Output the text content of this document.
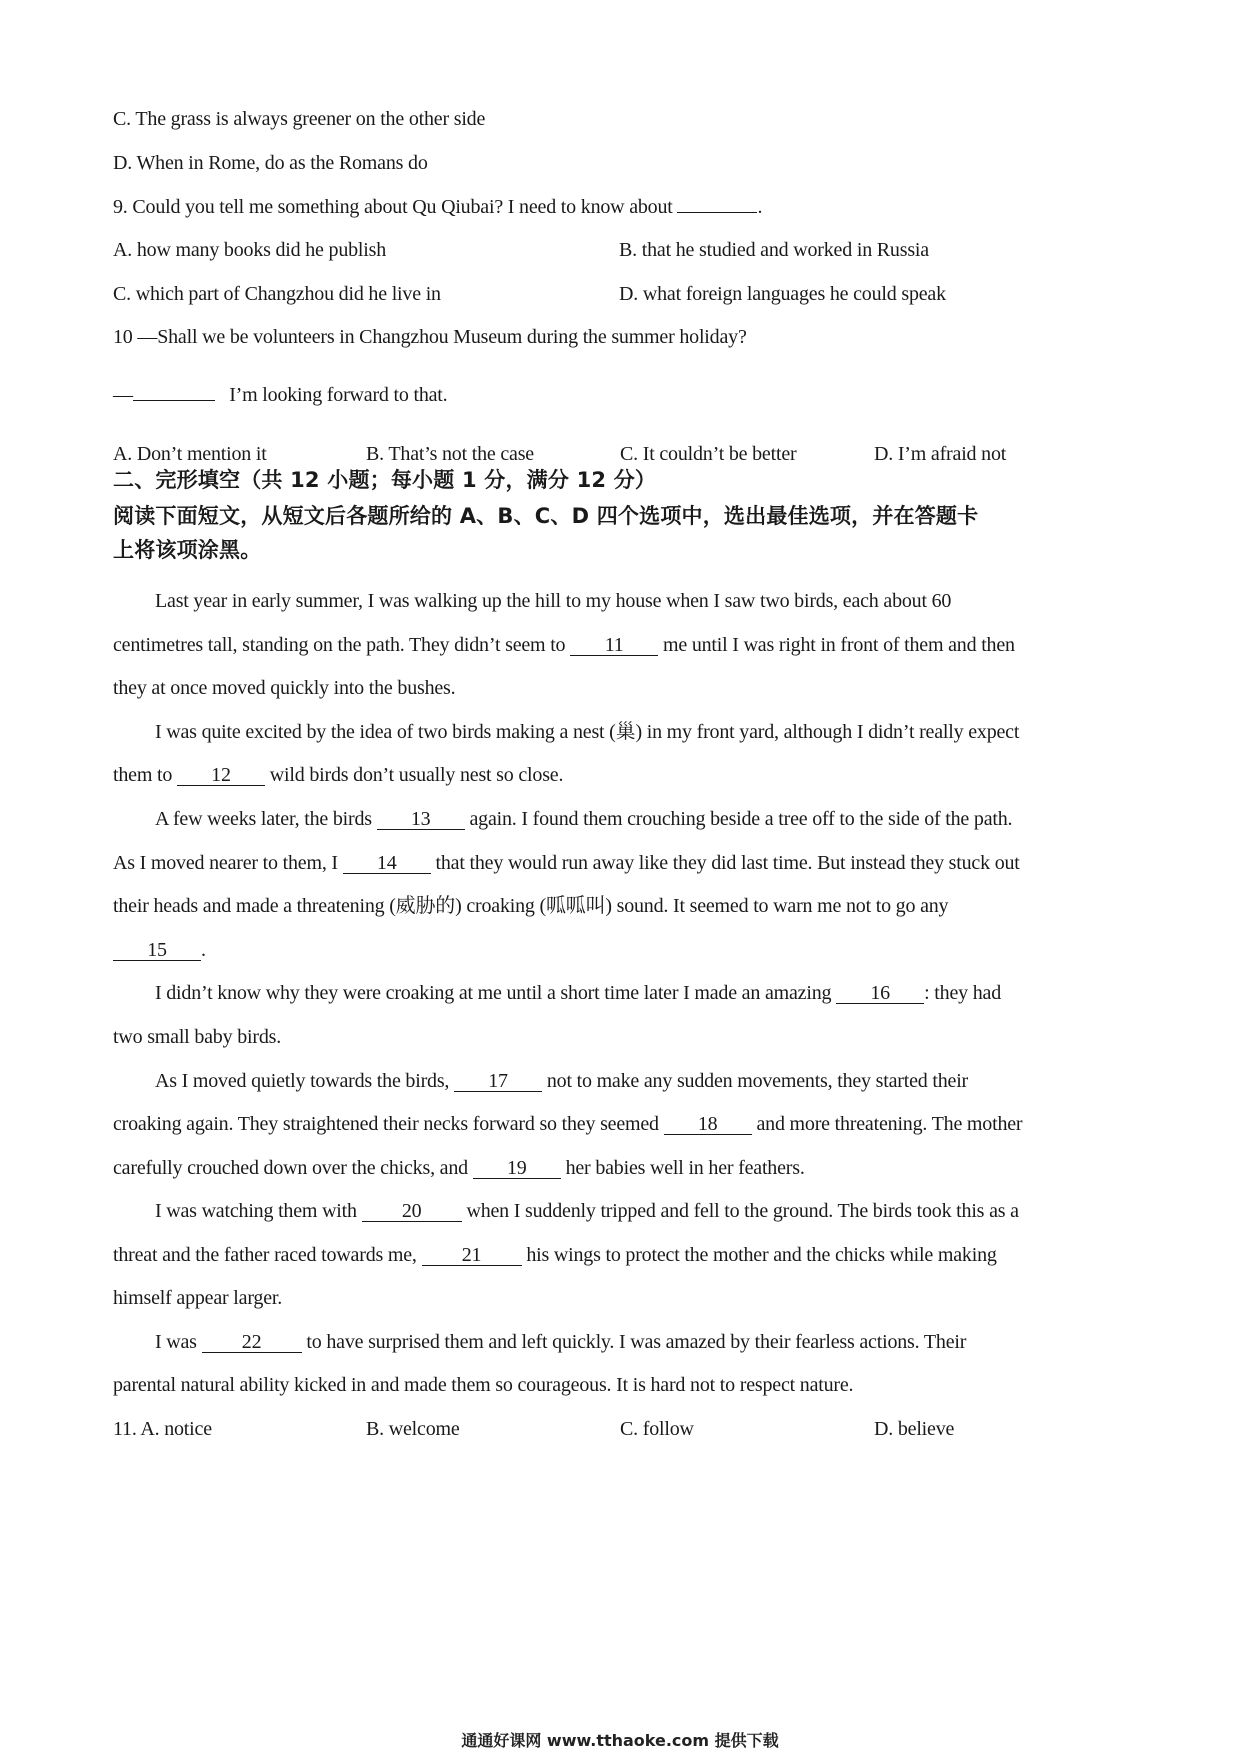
C. The grass is always greener on the other side
D. When in Rome, do as the Romans do
9. Could you tell me something about Qu Qiubai? I need to know about	.
A. how many books did he publish	B. that he studied and worked in Russia
C. which part of Changzhou did he live in	D. what foreign languages he could speak
10 —Shall we be volunteers in Changzhou Museum during the summer holiday?
—	I’m looking forward to that.
A. Don’t mention it	B. That’s not the case	C. It couldn’t be better	D. I’m afraid not
二、完形填空（共 12 小题；每小题 1 分，满分 12 分）
阅读下面短文，从短文后各题所给的 A、B、C、D 四个选项中，选出最佳选项，并在答题卡
上将该项涂黑。
Last year in early summer, I was walking up the hill to my house when I saw two birds, each about 60
centimetres tall, standing on the path. They didn’t seem to 11 me until I was right in front of them and then
they at once moved quickly into the bushes.
I was quite excited by the idea of two birds making a nest (巢) in my front yard, although I didn’t really expect
them to 12 wild birds don’t usually nest so close.
A few weeks later, the birds 13 again. I found them crouching beside a tree off to the side of the path.
As I moved nearer to them, I 14 that they would run away like they did last time. But instead they stuck out
their heads and made a threatening (威胁的) croaking (呱呱叫) sound. It seemed to warn me not to go any
15 .
I didn’t know why they were croaking at me until a short time later I made an amazing 16 : they had
two small baby birds.
As I moved quietly towards the birds, 17 not to make any sudden movements, they started their
croaking again. They straightened their necks forward so they seemed 18 and more threatening. The mother
carefully crouched down over the chicks, and 19 her babies well in her feathers.
I was watching them with 20 when I suddenly tripped and fell to the ground. The birds took this as a
threat and the father raced towards me, 21 his wings to protect the mother and the chicks while making
himself appear larger.
I was 22 to have surprised them and left quickly. I was amazed by their fearless actions. Their
parental natural ability kicked in and made them so courageous. It is hard not to respect nature.
11. A. notice	B. welcome	C. follow	D. believe
通通好课网 www.tthaoke.com 提供下载
